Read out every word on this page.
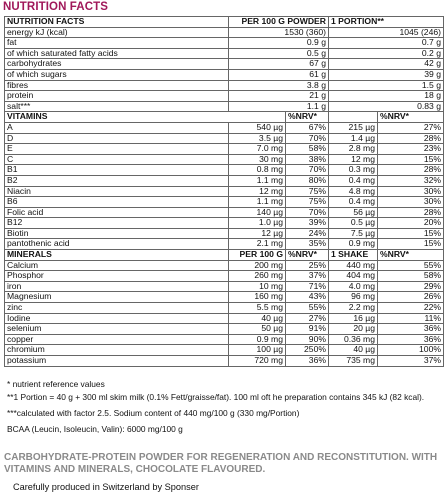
NUTRITION FACTS
NUTRITION FACTS	PER 100 G POWDER		1 PORTION**	
energy kJ (kcal)	1530 (360)		1045 (246)	
fat	0.9 g		0.7 g	
of which saturated fatty acids	0.5 g		0.2 g	
carbohydrates	67 g		42 g	
of which sugars	61 g		39 g	
fibres	3.8 g		1.5 g	
protein	21 g		18 g	
salt***	1.1 g		0.83 g	
VITAMINS		%NRV*		%NRV*
A	540 µg	67%	215 µg	27%
D	3.5 µg	70%	1.4 µg	28%
E	7.0 mg	58%	2.8 mg	23%
C	30 mg	38%	12 mg	15%
B1	0.8 mg	70%	0.3 mg	28%
B2	1.1 mg	80%	0.4 mg	32%
Niacin	12 mg	75%	4.8 mg	30%
B6	1.1 mg	75%	0.4 mg	30%
Folic acid	140 µg	70%	56 µg	28%
B12	1.0 µg	39%	0.5 µg	20%
Biotin	12 µg	24%	7.5 µg	15%
pantothenic acid	2.1 mg	35%	0.9 mg	15%
MINERALS	PER 100 G	%NRV*	1 SHAKE	%NRV*
Calcium	200 mg	25%	440 mg	55%
Phosphor	260 mg	37%	404 mg	58%
iron	10 mg	71%	4.0 mg	29%
Magnesium	160 mg	43%	96 mg	26%
zinc	5.5 mg	55%	2.2 mg	22%
Iodine	40 µg	27%	16 µg	11%
selenium	50 µg	91%	20 µg	36%
copper	0.9 mg	90%	0.36 mg	36%
chromium	100 µg	250%	40 µg	100%
potassium	720 mg	36%	735 mg	37%
* nutrient reference values
**1 Portion = 40 g + 300 ml skim milk (0.1% Fett/graisse/fat). 100 ml oft he preparation contains 345 kJ (82 kcal).
***calculated with factor 2.5. Sodium content of 440 mg/100 g (330 mg/Portion)
BCAA (Leucin, Isoleucin, Valin): 6000 mg/100 g
CARBOHYDRATE-PROTEIN POWDER FOR REGENERATION AND RECONSTITUTION. WITH VITAMINS AND MINERALS, CHOCOLATE FLAVOURED.
Carefully produced in Switzerland by Sponser
